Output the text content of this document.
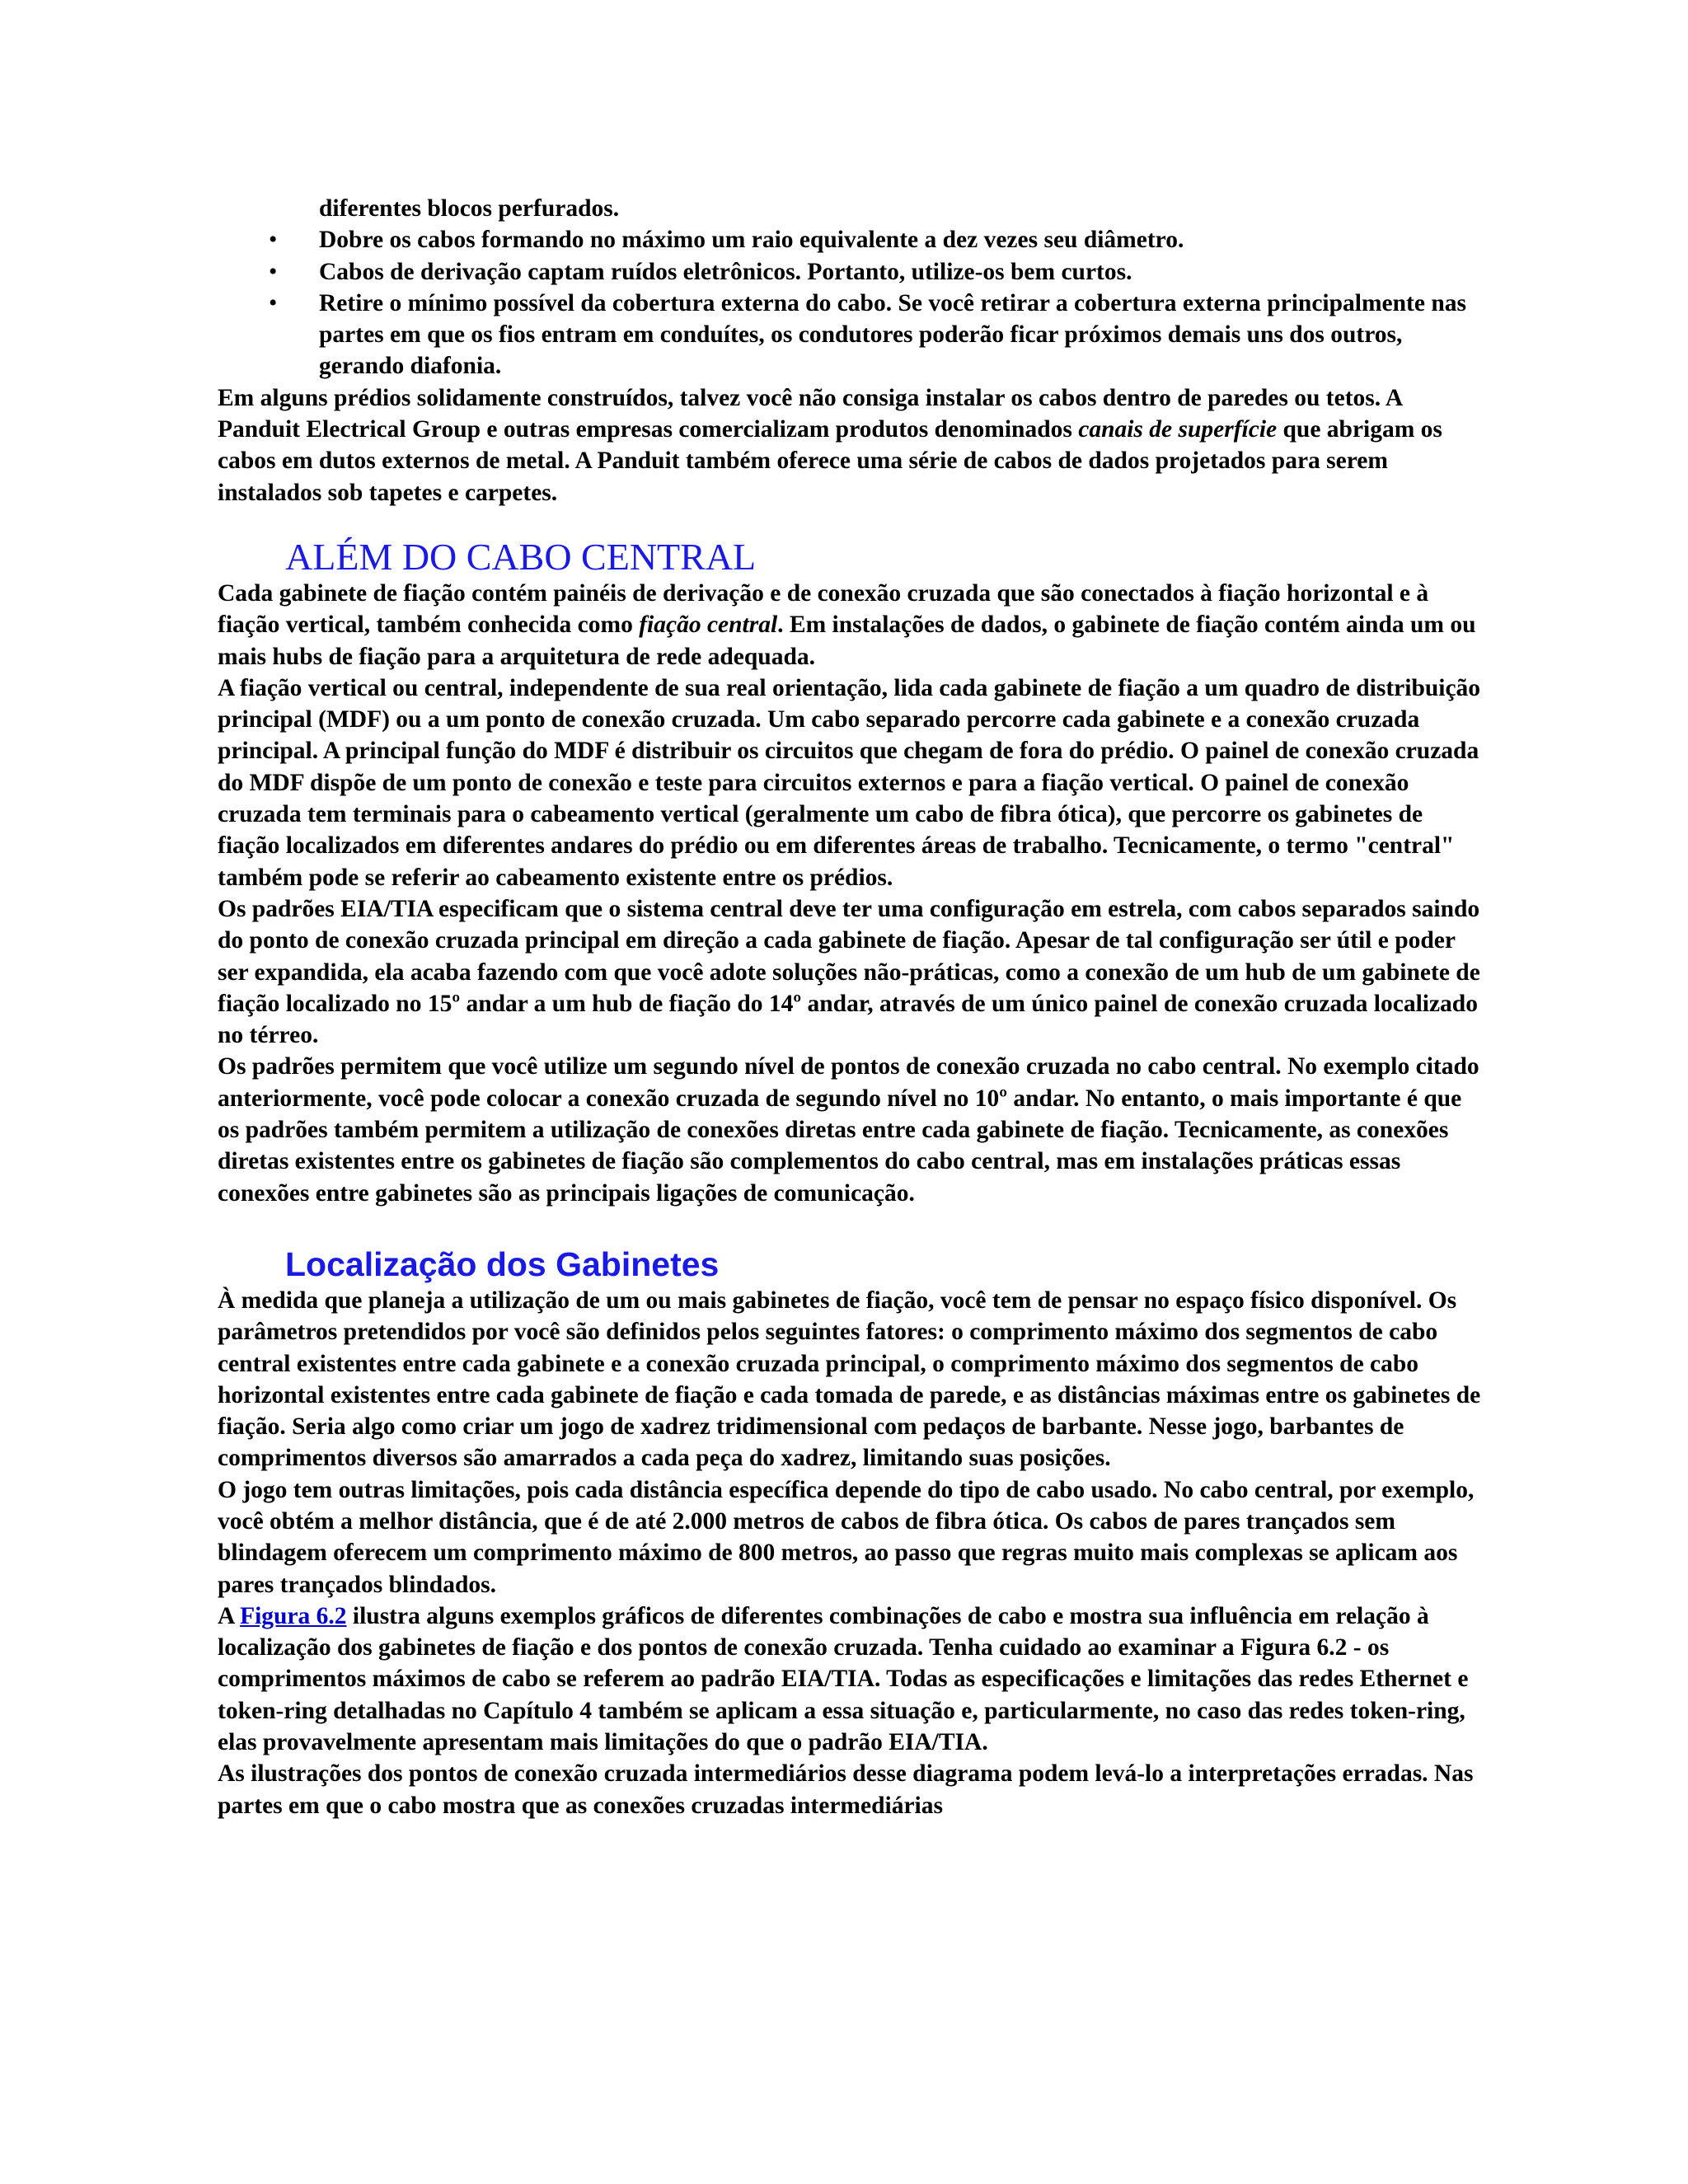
diferentes blocos perfurados.

• Dobre os cabos formando no máximo um raio equivalente a dez vezes seu diâmetro.
• Cabos de derivação captam ruídos eletrônicos. Portanto, utilize-os bem curtos.
• Retire o mínimo possível da cobertura externa do cabo. Se você retirar a cobertura externa principalmente nas partes em que os fios entram em conduítes, os condutores poderão ficar próximos demais uns dos outros, gerando diafonia.

Em alguns prédios solidamente construídos, talvez você não consiga instalar os cabos dentro de paredes ou tetos. A Panduit Electrical Group e outras empresas comercializam produtos denominados canais de superfície que abrigam os cabos em dutos externos de metal. A Panduit também oferece uma série de cabos de dados projetados para serem instalados sob tapetes e carpetes.

ALÉM DO CABO CENTRAL

Cada gabinete de fiação contém painéis de derivação e de conexão cruzada que são conectados à fiação horizontal e à fiação vertical, também conhecida como fiação central. Em instalações de dados, o gabinete de fiação contém ainda um ou mais hubs de fiação para a arquitetura de rede adequada.

A fiação vertical ou central, independente de sua real orientação, lida cada gabinete de fiação a um quadro de distribuição principal (MDF) ou a um ponto de conexão cruzada. Um cabo separado percorre cada gabinete e a conexão cruzada principal. A principal função do MDF é distribuir os circuitos que chegam de fora do prédio. O painel de conexão cruzada do MDF dispõe de um ponto de conexão e teste para circuitos externos e para a fiação vertical. O painel de conexão cruzada tem terminais para o cabeamento vertical (geralmente um cabo de fibra ótica), que percorre os gabinetes de fiação localizados em diferentes andares do prédio ou em diferentes áreas de trabalho. Tecnicamente, o termo "central" também pode se referir ao cabeamento existente entre os prédios.

Os padrões EIA/TIA especificam que o sistema central deve ter uma configuração em estrela, com cabos separados saindo do ponto de conexão cruzada principal em direção a cada gabinete de fiação. Apesar de tal configuração ser útil e poder ser expandida, ela acaba fazendo com que você adote soluções não-práticas, como a conexão de um hub de um gabinete de fiação localizado no 15º andar a um hub de fiação do 14º andar, através de um único painel de conexão cruzada localizado no térreo.

Os padrões permitem que você utilize um segundo nível de pontos de conexão cruzada no cabo central. No exemplo citado anteriormente, você pode colocar a conexão cruzada de segundo nível no 10º andar. No entanto, o mais importante é que os padrões também permitem a utilização de conexões diretas entre cada gabinete de fiação. Tecnicamente, as conexões diretas existentes entre os gabinetes de fiação são complementos do cabo central, mas em instalações práticas essas conexões entre gabinetes são as principais ligações de comunicação.

Localização dos Gabinetes

À medida que planeja a utilização de um ou mais gabinetes de fiação, você tem de pensar no espaço físico disponível. Os parâmetros pretendidos por você são definidos pelos seguintes fatores: o comprimento máximo dos segmentos de cabo central existentes entre cada gabinete e a conexão cruzada principal, o comprimento máximo dos segmentos de cabo horizontal existentes entre cada gabinete de fiação e cada tomada de parede, e as distâncias máximas entre os gabinetes de fiação. Seria algo como criar um jogo de xadrez tridimensional com pedaços de barbante. Nesse jogo, barbantes de comprimentos diversos são amarrados a cada peça do xadrez, limitando suas posições.

O jogo tem outras limitações, pois cada distância específica depende do tipo de cabo usado. No cabo central, por exemplo, você obtém a melhor distância, que é de até 2.000 metros de cabos de fibra ótica. Os cabos de pares trançados sem blindagem oferecem um comprimento máximo de 800 metros, ao passo que regras muito mais complexas se aplicam aos pares trançados blindados.

A Figura 6.2 ilustra alguns exemplos gráficos de diferentes combinações de cabo e mostra sua influência em relação à localização dos gabinetes de fiação e dos pontos de conexão cruzada. Tenha cuidado ao examinar a Figura 6.2 - os comprimentos máximos de cabo se referem ao padrão EIA/TIA. Todas as especificações e limitações das redes Ethernet e token-ring detalhadas no Capítulo 4 também se aplicam a essa situação e, particularmente, no caso das redes token-ring, elas provavelmente apresentam mais limitações do que o padrão EIA/TIA.

As ilustrações dos pontos de conexão cruzada intermediários desse diagrama podem levá-lo a interpretações erradas. Nas partes em que o cabo mostra que as conexões cruzadas intermediárias
